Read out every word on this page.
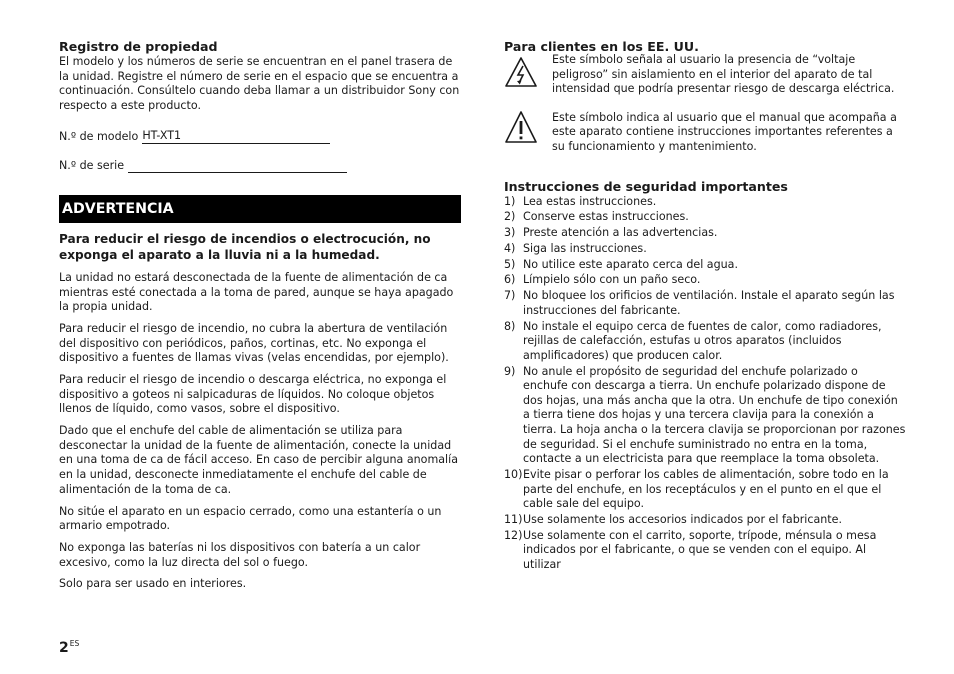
Registro de propiedad

El modelo y los números de serie se encuentran en el panel trasera de la unidad. Registre el número de serie en el espacio que se encuentra a continuación. Consúltelo cuando deba llamar a un distribuidor Sony con respecto a este producto.

N.º de modelo HT-XT1
N.º de serie
ADVERTENCIA
Para reducir el riesgo de incendios o electrocución, no exponga el aparato a la lluvia ni a la humedad.

La unidad no estará desconectada de la fuente de alimentación de ca mientras esté conectada a la toma de pared, aunque se haya apagado la propia unidad.

Para reducir el riesgo de incendio, no cubra la abertura de ventilación del dispositivo con periódicos, paños, cortinas, etc. No exponga el dispositivo a fuentes de llamas vivas (velas encendidas, por ejemplo).

Para reducir el riesgo de incendio o descarga eléctrica, no exponga el dispositivo a goteos ni salpicaduras de líquidos. No coloque objetos llenos de líquido, como vasos, sobre el dispositivo.

Dado que el enchufe del cable de alimentación se utiliza para desconectar la unidad de la fuente de alimentación, conecte la unidad en una toma de ca de fácil acceso. En caso de percibir alguna anomalía en la unidad, desconecte inmediatamente el enchufe del cable de alimentación de la toma de ca.

No sitúe el aparato en un espacio cerrado, como una estantería o un armario empotrado.

No exponga las baterías ni los dispositivos con batería a un calor excesivo, como la luz directa del sol o fuego.

Solo para ser usado en interiores.

Para clientes en los EE. UU.

Este símbolo señala al usuario la presencia de “voltaje peligroso” sin aislamiento en el interior del aparato de tal intensidad que podría presentar riesgo de descarga eléctrica.

Este símbolo indica al usuario que el manual que acompaña a este aparato contiene instrucciones importantes referentes a su funcionamiento y mantenimiento.

Instrucciones de seguridad importantes
1) Lea estas instrucciones.
2) Conserve estas instrucciones.
3) Preste atención a las advertencias.
4) Siga las instrucciones.
5) No utilice este aparato cerca del agua.
6) Límpielo sólo con un paño seco.
7) No bloquee los orificios de ventilación. Instale el aparato según las instrucciones del fabricante.
8) No instale el equipo cerca de fuentes de calor, como radiadores, rejillas de calefacción, estufas u otros aparatos (incluidos amplificadores) que producen calor.
9) No anule el propósito de seguridad del enchufe polarizado o enchufe con descarga a tierra. Un enchufe polarizado dispone de dos hojas, una más ancha que la otra. Un enchufe de tipo conexión a tierra tiene dos hojas y una tercera clavija para la conexión a tierra. La hoja ancha o la tercera clavija se proporcionan por razones de seguridad. Si el enchufe suministrado no entra en la toma, contacte a un electricista para que reemplace la toma obsoleta.
10) Evite pisar o perforar los cables de alimentación, sobre todo en la parte del enchufe, en los receptáculos y en el punto en el que el cable sale del equipo.
11) Use solamente los accesorios indicados por el fabricante.
12) Use solamente con el carrito, soporte, trípode, ménsula o mesa indicados por el fabricante, o que se venden con el equipo. Al utilizar
$2^{ES}$
